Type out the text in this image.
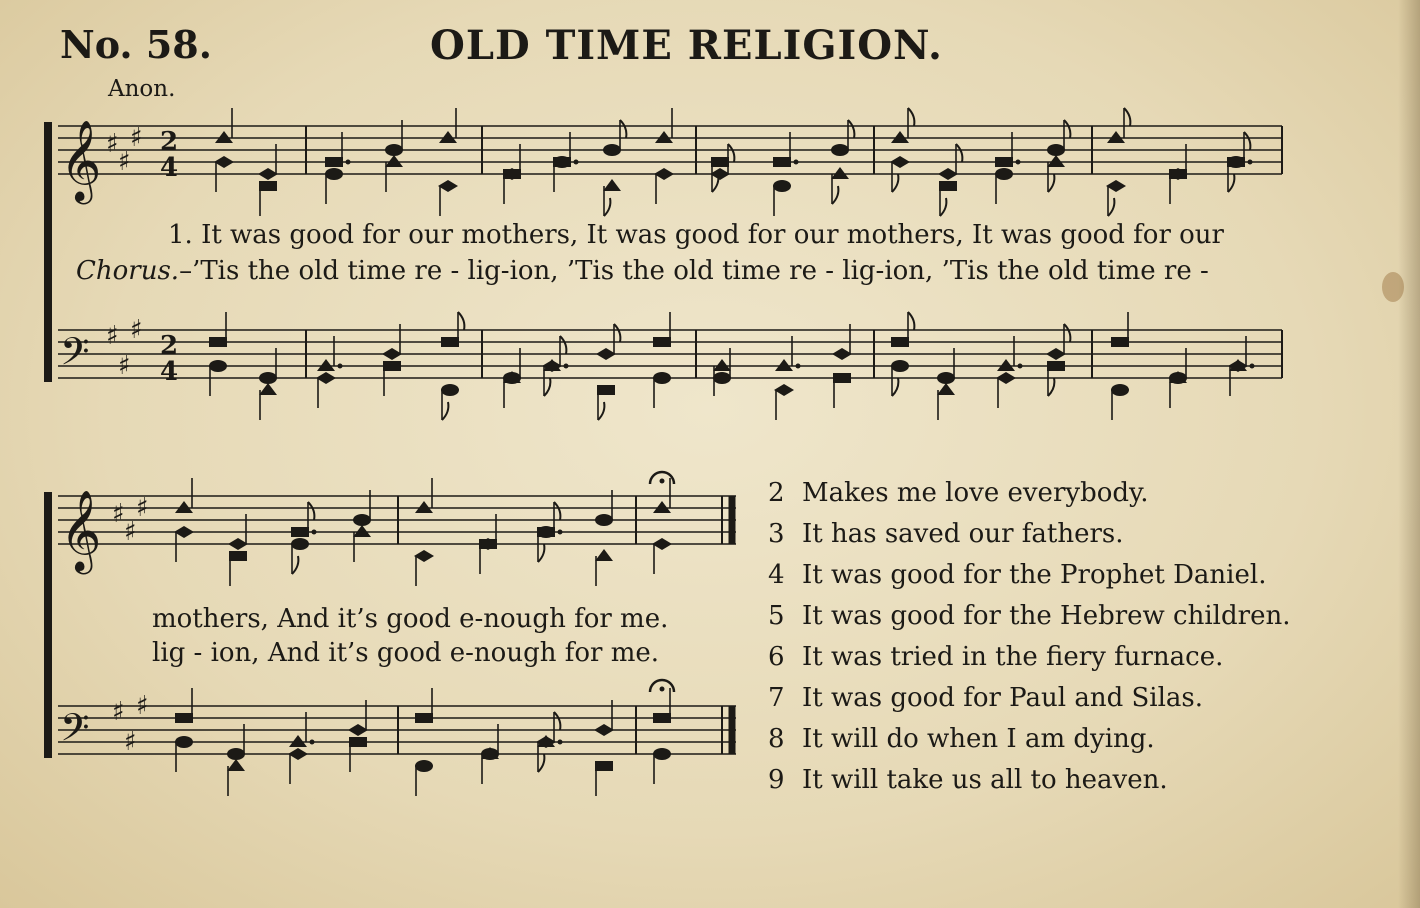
No. 58.	OLD TIME RELIGION.
Anon.
𝄞
𝄢
♯
♯
♯
♯
♯
♯
2
4
2
4
𝄞
𝄢
♯
♯
♯
♯
♯
♯
1. It was good for our mothers, It was good for our mothers, It was good for our
Chorus.–’Tis the old time re - lig-ion, ’Tis the old time re - lig-ion, ’Tis the old time re -
mothers, And it’s good e-nough for me.
lig - ion, And it’s good e-nough for me.
2 Makes me love everybody.
3 It has saved our fathers.
4 It was good for the Prophet Daniel.
5 It was good for the Hebrew children.
6 It was tried in the fiery furnace.
7 It was good for Paul and Silas.
8 It will do when I am dying.
9 It will take us all to heaven.
